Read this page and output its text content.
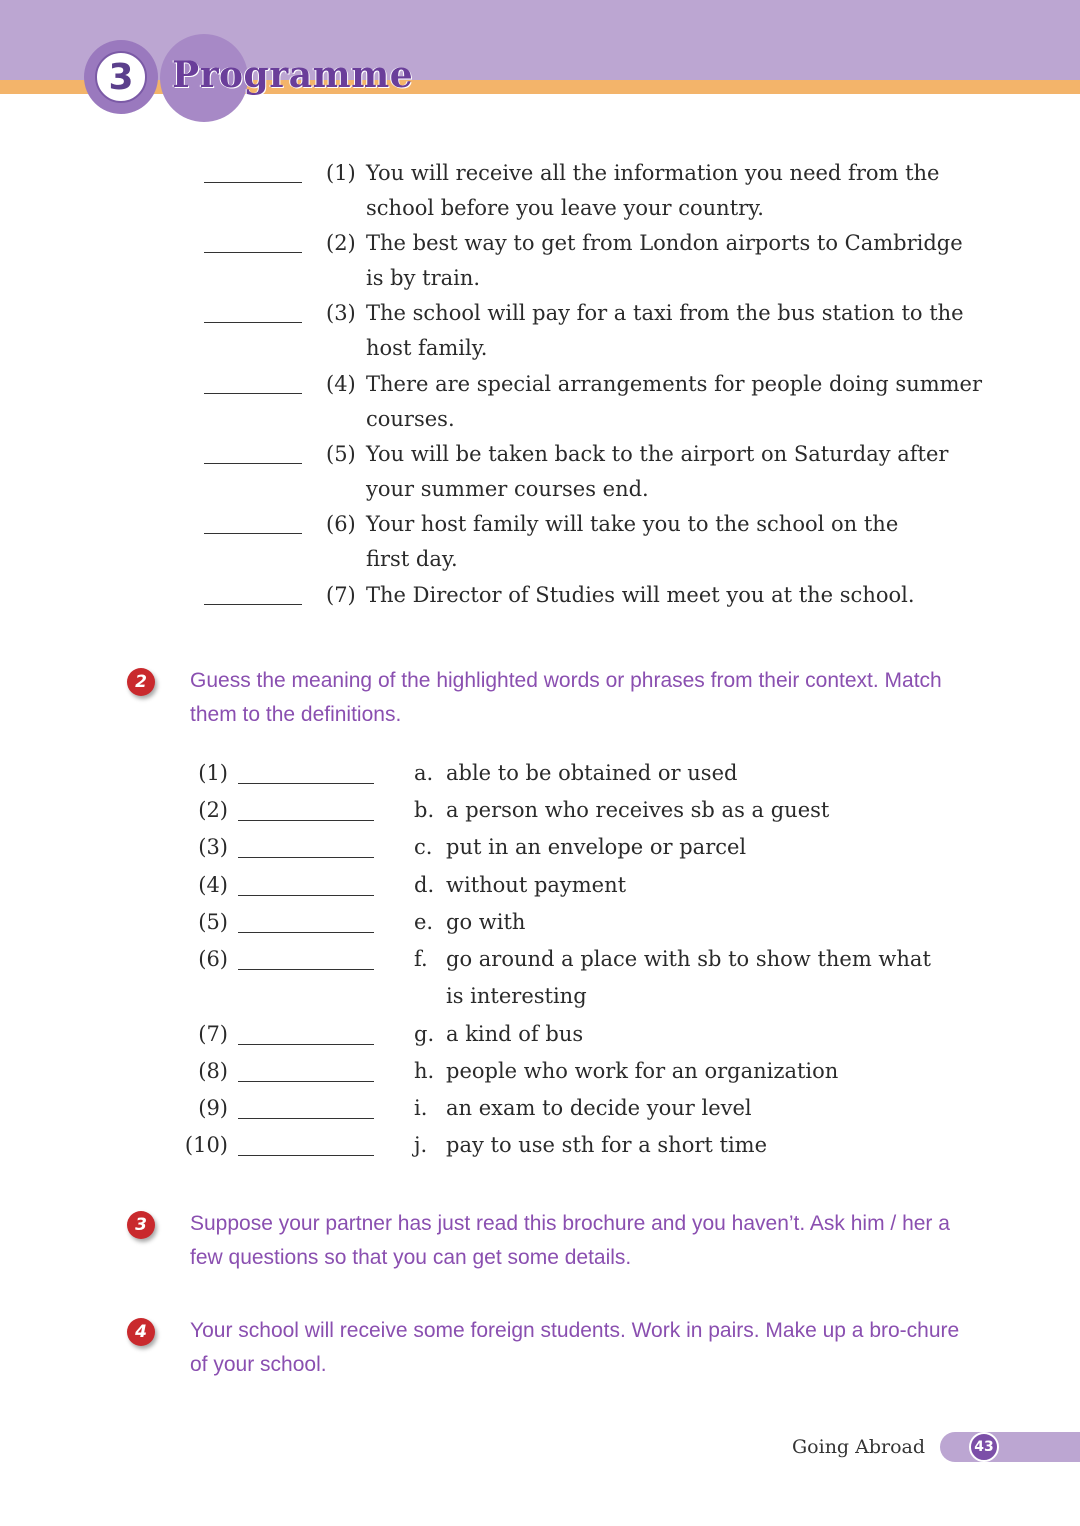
3	Programme
(1) You will receive all the information you need from the school before you leave your country.
(2) The best way to get from London airports to Cambridge is by train.
(3) The school will pay for a taxi from the bus station to the host family.
(4) There are special arrangements for people doing summer courses.
(5) You will be taken back to the airport on Saturday after your summer courses end.
(6) Your host family will take you to the school on the first day.
(7) The Director of Studies will meet you at the school.
2	Guess the meaning of the highlighted words or phrases from their context. Match them to the definitions.
(1)	a. able to be obtained or used
(2)	b. a person who receives sb as a guest
(3)	c. put in an envelope or parcel
(4)	d. without payment
(5)	e. go with
(6)	f. go around a place with sb to show them what is interesting
(7)	g. a kind of bus
(8)	h. people who work for an organization
(9)	i. an exam to decide your level
(10)	j. pay to use sth for a short time
3	Suppose your partner has just read this brochure and you haven’t. Ask him / her a few questions so that you can get some details.
4	Your school will receive some foreign students. Work in pairs. Make up a bro-chure of your school.
Going Abroad	43
